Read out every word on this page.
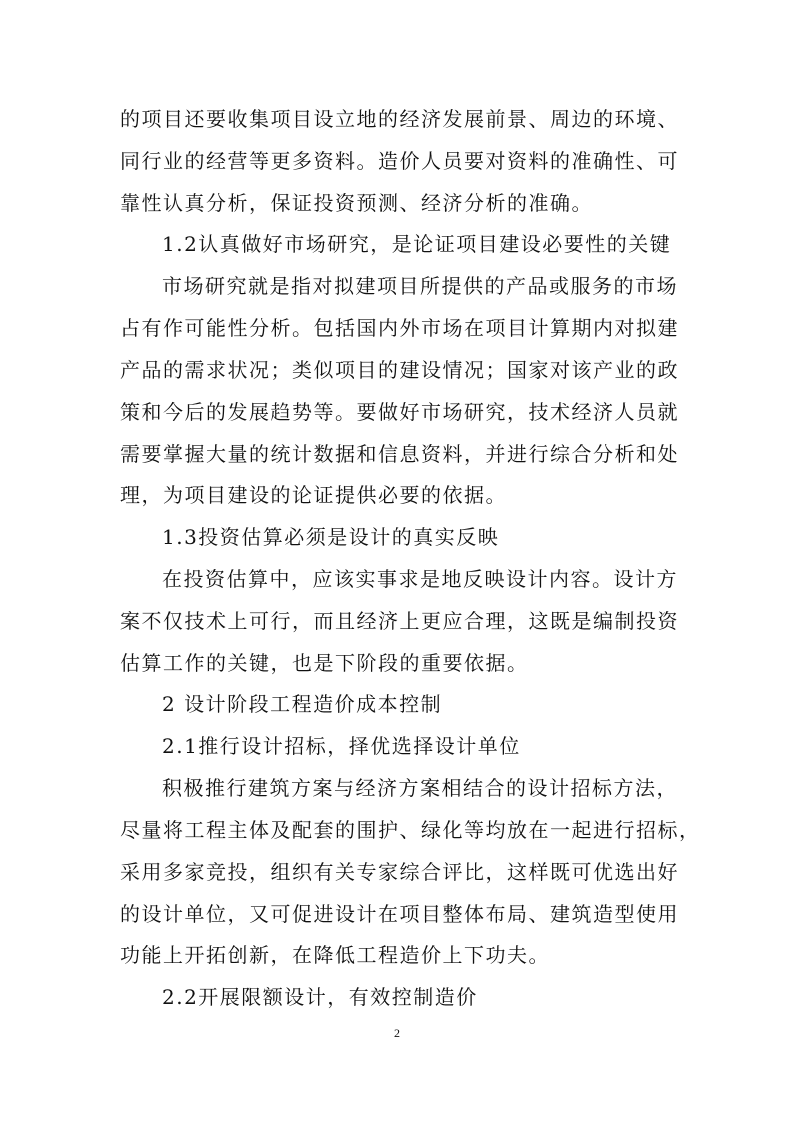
的项目还要收集项目设立地的经济发展前景、周边的环境、
同行业的经营等更多资料。造价人员要对资料的准确性、可
靠性认真分析，保证投资预测、经济分析的准确。
1.2认真做好市场研究，是论证项目建设必要性的关键
市场研究就是指对拟建项目所提供的产品或服务的市场
占有作可能性分析。包括国内外市场在项目计算期内对拟建
产品的需求状况；类似项目的建设情况；国家对该产业的政
策和今后的发展趋势等。要做好市场研究，技术经济人员就
需要掌握大量的统计数据和信息资料，并进行综合分析和处
理，为项目建设的论证提供必要的依据。
1.3投资估算必须是设计的真实反映
在投资估算中，应该实事求是地反映设计内容。设计方
案不仅技术上可行，而且经济上更应合理，这既是编制投资
估算工作的关键，也是下阶段的重要依据。
2 设计阶段工程造价成本控制
2.1推行设计招标，择优选择设计单位
积极推行建筑方案与经济方案相结合的设计招标方法，
尽量将工程主体及配套的围护、绿化等均放在一起进行招标，
采用多家竞投，组织有关专家综合评比，这样既可优选出好
的设计单位，又可促进设计在项目整体布局、建筑造型使用
功能上开拓创新，在降低工程造价上下功夫。
2.2开展限额设计，有效控制造价
2
